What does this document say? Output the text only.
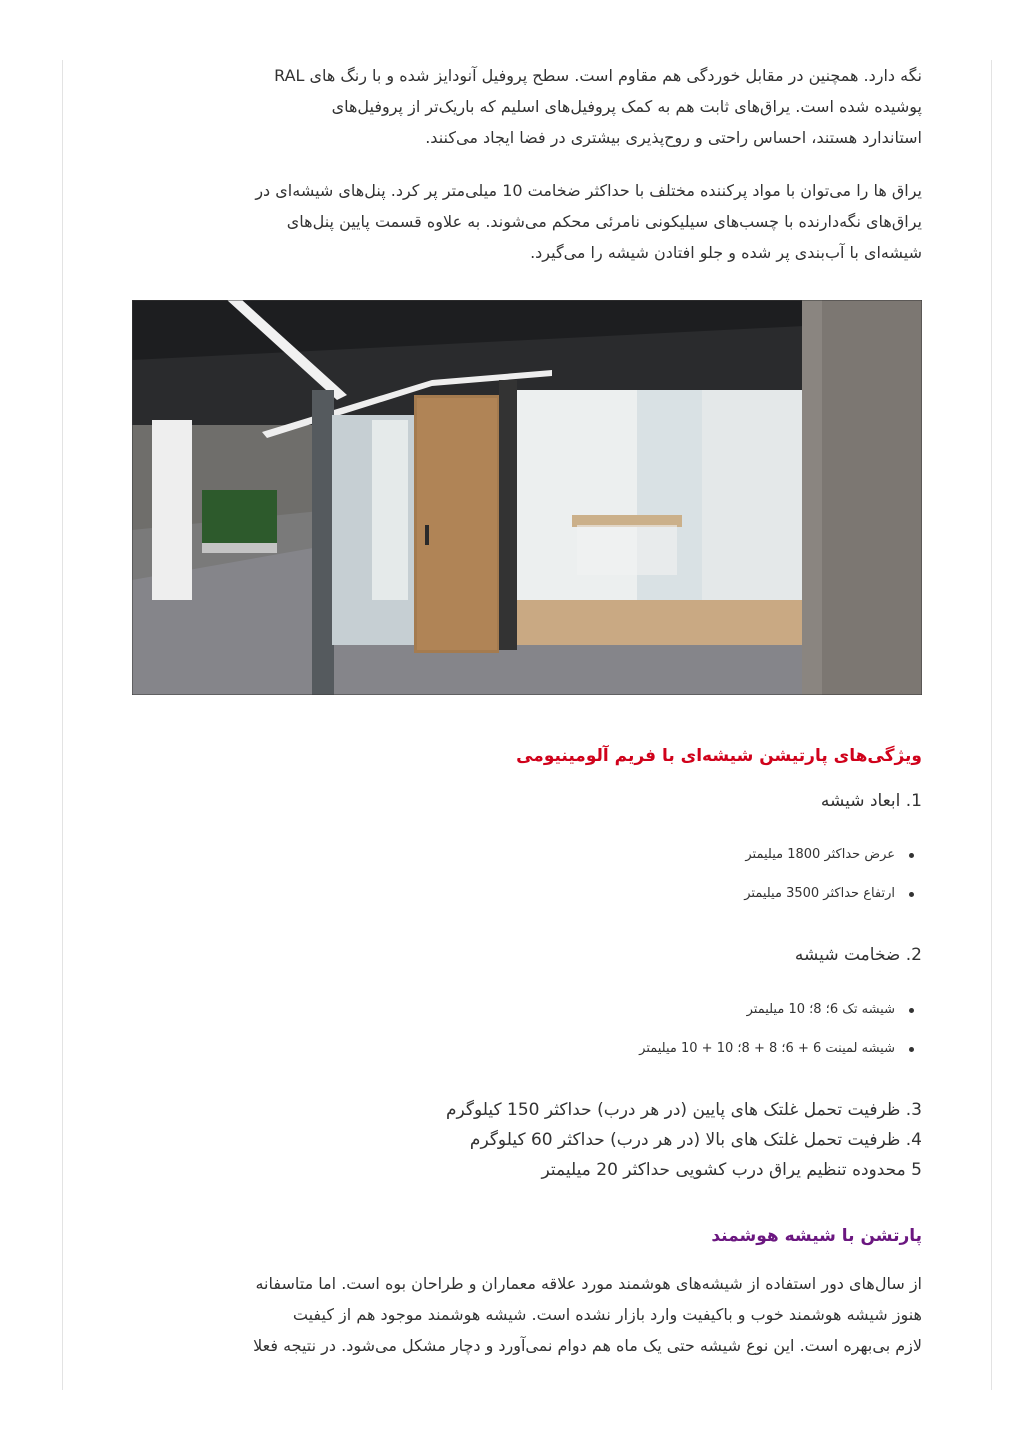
نگه دارد. همچنین در مقابل خوردگی هم مقاوم است. سطح پروفیل آنودایز شده و با رنگ های RAL
پوشیده شده است. یراق‌های ثابت هم به کمک پروفیل‌های اسلیم که باریک‌تر از پروفیل‌های
استاندارد هستند، احساس راحتی و روح‌پذیری بیشتری در فضا ایجاد می‌کنند.

یراق ها را می‌توان با مواد پرکننده مختلف با حداکثر ضخامت 10 میلی‌متر پر کرد. پنل‌های شیشه‌ای در
یراق‌های نگه‌دارنده با چسب‌های سیلیکونی نامرئی محکم می‌شوند. به علاوه قسمت پایین پنل‌های
شیشه‌ای با آب‌بندی پر شده و جلو افتادن شیشه را می‌گیرد.

ویژگی‌های پارتیشن شیشه‌ای با فریم آلومینیومی
1. ابعاد شیشه
عرض حداکثر 1800 میلیمتر
ارتفاع حداکثر 3500 میلیمتر
2. ضخامت شیشه
شیشه تک 6؛ 8؛ 10 میلیمتر
شیشه لمینت 6 + 6؛ 8 + 8؛ 10 + 10 میلیمتر
3. ظرفیت تحمل غلتک های پایین (در هر درب) حداکثر 150 کیلوگرم
4. ظرفیت تحمل غلتک های بالا (در هر درب) حداکثر 60 کیلوگرم
5 محدوده تنظیم یراق درب کشویی حداکثر 20 میلیمتر
پارتشن با شیشه هوشمند

از سال‌های دور استفاده از شیشه‌های هوشمند مورد علاقه معماران و طراحان بوه است. اما متاسفانه
هنوز شیشه هوشمند خوب و باکیفیت وارد بازار نشده است. شیشه هوشمند موجود هم از کیفیت
لازم بی‌بهره است. این نوع شیشه حتی یک ماه هم دوام نمی‌آورد و دچار مشکل می‌شود. در نتیجه فعلا
